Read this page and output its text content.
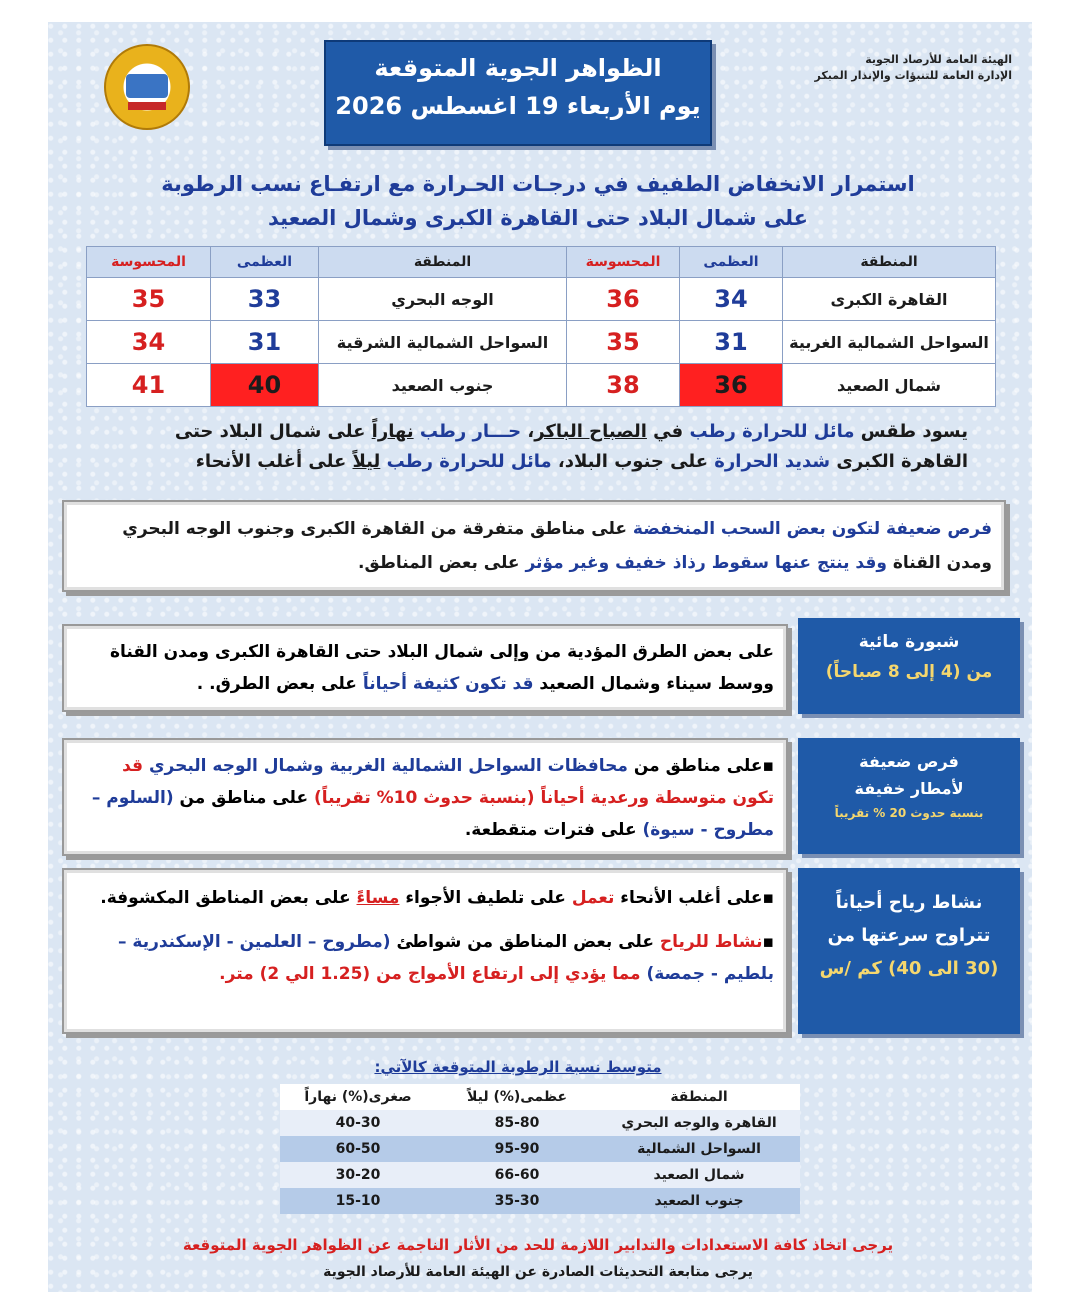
الهيئة العامة للأرصاد الجوية
الإدارة العامة للتنبؤات والإنذار المبكر
الظواهر الجوية المتوقعة
يوم الأربعاء 19 اغسطس 2026
استمرار الانخفاض الطفيف في درجـات الحـرارة مع ارتفـاع نسب الرطوبة
على شمال البلاد حتى القاهرة الكبرى وشمال الصعيد
المنطقة	العظمى	المحسوسة	المنطقة	العظمى	المحسوسة
القاهرة الكبرى	34	36	الوجه البحري	33	35
السواحل الشمالية الغربية	31	35	السواحل الشمالية الشرقية	31	34
شمال الصعيد	36	38	جنوب الصعيد	40	41
يسود طقس مائل للحرارة رطب في الصباح الباكر، حـــار رطب نهاراً على شمال البلاد حتى القاهرة الكبرى شديد الحرارة على جنوب البلاد، مائل للحرارة رطب ليلاً على أغلب الأنحاء
فرص ضعيفة لتكون بعض السحب المنخفضة على مناطق متفرقة من القاهرة الكبرى وجنوب الوجه البحري ومدن القناة وقد ينتج عنها سقوط رذاذ خفيف وغير مؤثر على بعض المناطق.
شبورة مائية
من (4 إلى 8 صباحاً)
على بعض الطرق المؤدية من وإلى شمال البلاد حتى القاهرة الكبرى ومدن القناة ووسط سيناء وشمال الصعيد قد تكون كثيفة أحياناً على بعض الطرق. .
فرص ضعيفة
لأمطار خفيفة
بنسبة حدوث 20 % تقريباً
▪على مناطق من محافظات السواحل الشمالية الغربية وشمال الوجه البحري قد تكون متوسطة ورعدية أحياناً (بنسبة حدوث 10% تقريباً) على مناطق من (السلوم – مطروح - سيوة) على فترات متقطعة.
نشاط رياح أحياناً
تتراوح سرعتها من
(30 الى 40) كم /س
▪على أغلب الأنحاء تعمل على تلطيف الأجواء مساءً على بعض المناطق المكشوفة.
▪نشاط للرياح على بعض المناطق من شواطئ (مطروح – العلمين - الإسكندرية – بلطيم - جمصة) مما يؤدي إلى ارتفاع الأمواج من (1.25 الي 2) متر.
متوسط نسبة الرطوبة المتوقعة كالآتي:
المنطقة	عظمى(%) ليلاً	صغرى(%) نهاراً
القاهرة والوجه البحري	85-80	40-30
السواحل الشمالية	95-90	60-50
شمال الصعيد	66-60	30-20
جنوب الصعيد	35-30	15-10
يرجى اتخاذ كافة الاستعدادات والتدابير اللازمة للحد من الأثار الناجمة عن الظواهر الجوية المتوقعة
يرجى متابعة التحديثات الصادرة عن الهيئة العامة للأرصاد الجوية
